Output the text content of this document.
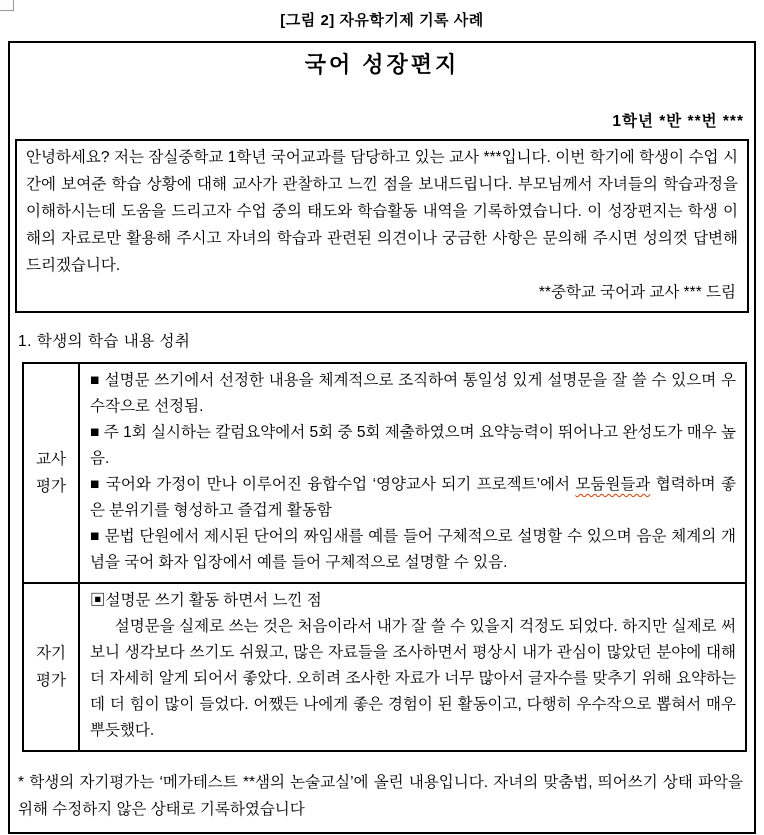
[그림 2] 자유학기제 기록 사례
국어 성장편지
1학년 *반 **번 ***

안녕하세요? 저는 잠실중학교 1학년 국어교과를 담당하고 있는 교사 ***입니다. 이번 학기에 학생이 수업 시간에 보여준 학습 상황에 대해 교사가 관찰하고 느낀 점을 보내드립니다. 부모님께서 자녀들의 학습과정을 이해하시는데 도움을 드리고자 수업 중의 태도와 학습활동 내역을 기록하였습니다. 이 성장편지는 학생 이해의 자료로만 활용해 주시고 자녀의 학습과 관련된 의견이나 궁금한 사항은 문의해 주시면 성의껏 답변해 드리겠습니다.

**중학교 국어과 교사 *** 드림

1. 학생의 학습 내용 성취
교사 평가	■ 설명문 쓰기에서 선정한 내용을 체계적으로 조직하여 통일성 있게 설명문을 잘 쓸 수 있으며 우수작으로 선정됨.

■ 주 1회 실시하는 칼럼요약에서 5회 중 5회 제출하였으며 요약능력이 뛰어나고 완성도가 매우 높음.

■ 국어와 가정이 만나 이루어진 융합수업 ‘영양교사 되기 프로젝트’에서 모둠원들과 협력하며 좋은 분위기를 형성하고 즐겁게 활동함

■ 문법 단원에서 제시된 단어의 짜임새를 예를 들어 구체적으로 설명할 수 있으며 음운 체계의 개념을 국어 화자 입장에서 예를 들어 구체적으로 설명할 수 있음.

자기 평가	▣설명문 쓰기 활동 하면서 느낀 점

설명문을 실제로 쓰는 것은 처음이라서 내가 잘 쓸 수 있을지 걱정도 되었다. 하지만 실제로 써보니 생각보다 쓰기도 쉬웠고, 많은 자료들을 조사하면서 평상시 내가 관심이 많았던 분야에 대해 더 자세히 알게 되어서 좋았다. 오히려 조사한 자료가 너무 많아서 글자수를 맞추기 위해 요약하는 데 더 힘이 많이 들었다. 어쨌든 나에게 좋은 경험이 된 활동이고, 다행히 우수작으로 뽑혀서 매우 뿌듯했다.

* 학생의 자기평가는 ‘메가테스트 **샘의 논술교실’에 올린 내용입니다. 자녀의 맞춤법, 띄어쓰기 상태 파악을 위해 수정하지 않은 상태로 기록하였습니다
